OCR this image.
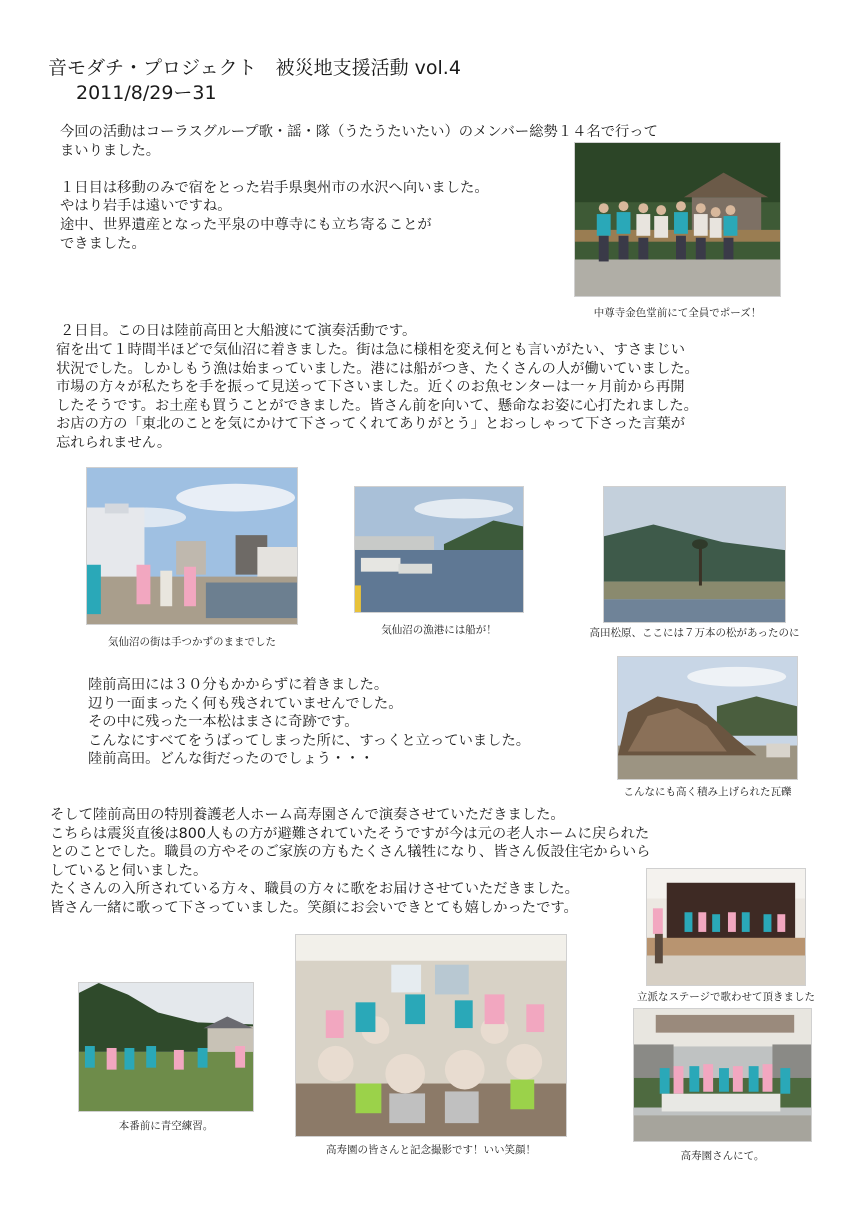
音モダチ・プロジェクト　被災地支援活動 vol.4
2011/8/29ー31
今回の活動はコーラスグループ歌・謡・隊（うたうたいたい）のメンバー総勢１４名で行って
まいりました。
１日目は移動のみで宿をとった岩手県奥州市の水沢へ向いました。
やはり岩手は遠いですね。
途中、世界遺産となった平泉の中尊寺にも立ち寄ることが
できました。
中尊寺金色堂前にて全員でポーズ！
２日目。この日は陸前高田と大船渡にて演奏活動です。
宿を出て１時間半ほどで気仙沼に着きました。街は急に様相を変え何とも言いがたい、すさまじい
状況でした。しかしもう漁は始まっていました。港には船がつき、たくさんの人が働いていました。
市場の方々が私たちを手を振って見送って下さいました。近くのお魚センターは一ヶ月前から再開
したそうです。お土産も買うことができました。皆さん前を向いて、懸命なお姿に心打たれました。
お店の方の「東北のことを気にかけて下さってくれてありがとう」とおっしゃって下さった言葉が
忘れられません。
気仙沼の街は手つかずのままでした
気仙沼の漁港には船が！	高田松原、ここには７万本の松があったのに
陸前高田には３０分もかからずに着きました。
辺り一面まったく何も残されていませんでした。
その中に残った一本松はまさに奇跡です。
こんなにすべてをうばってしまった所に、すっくと立っていました。
陸前高田。どんな街だったのでしょう・・・
こんなにも高く積み上げられた瓦礫
そして陸前高田の特別養護老人ホーム高寿園さんで演奏させていただきました。
こちらは震災直後は800人もの方が避難されていたそうですが今は元の老人ホームに戻られた
とのことでした。職員の方やそのご家族の方もたくさん犠牲になり、皆さん仮設住宅からいら
していると伺いました。
たくさんの入所されている方々、職員の方々に歌をお届けさせていただきました。
皆さん一緒に歌って下さっていました。笑顔にお会いできとても嬉しかったです。
立派なステージで歌わせて頂きました
本番前に青空練習。
高寿園の皆さんと記念撮影です！いい笑顔！	高寿園さんにて。
